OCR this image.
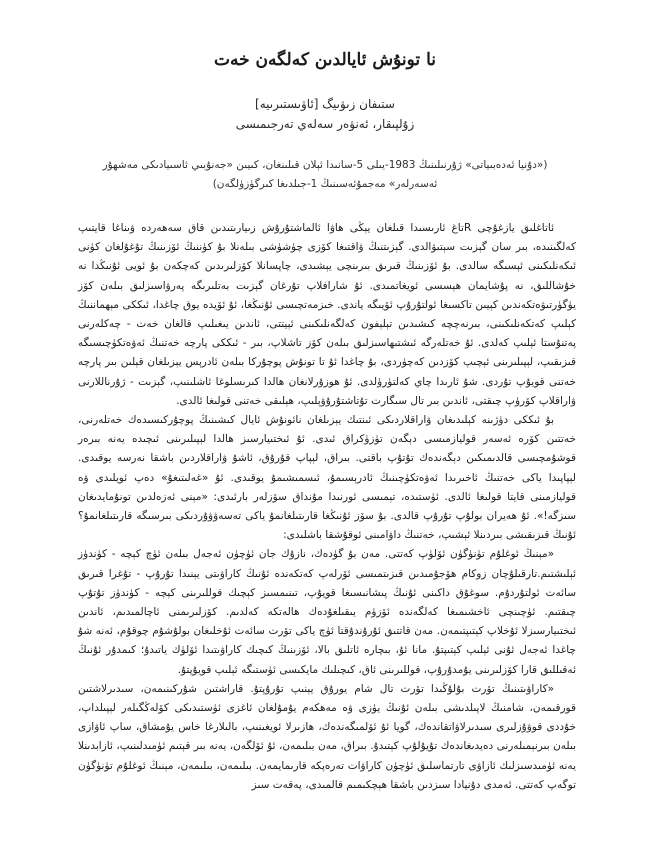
نا تونۇش ئايالدىن كەلگەن خەت
ستىفان زىۋىيگ [ئاۋىستىرىيە]
زۇلپىقار، ئەنۋەر سەلەي تەرجىمىسى
(«دۇنيا ئەدەبىياتى» ژۇرنىلىنىڭ 1983-يىلى 5-سانىدا ئېلان قىلىنغان، كىيىن «جەنۇبىي ئاسىيادىكى مەشھۇر ئەسەرلەر» مەجمۇئەسىنىڭ 1-جىلدىغا كىرگۈزۈلگەن)

ئاتاغلىق يازغۇچى Rتاغ ئارىسىدا قىلغان يېڭى ھاۋا ئالماشتۇرۇش زىيارىتىدىن قاق سەھەردە ۋىناغا قايتىپ كەلگىنىدە، بىر سان گېزىت سېتىۋالدى. گېزىتنىڭ ۋاقتىغا كۆزى چۈشۈشى بىلەنلا بۇ كۈننىڭ ئۆزىنىڭ تۇغۇلغان كۈنى ئىكەنلىكىنى ئېسىگە سالدى. بۇ ئۆزىنىڭ قىرىق بىرىنچى يېشىدى، چاپسانلا كۆزلىرىدىن كەچكەن بۇ ئويى ئۇنىڭدا نە خۇشاللىق، نە پۇشايمان ھېسسى ئويغاتمىدى. ئۇ شارافلاپ تۇرغان گېزىت بەتلىرىگە پەرۋاسىزلىق بىلەن كۆز يۈگۈرتىۋەتكەندىن كېيىن تاكسىغا ئولتۇرۇپ ئۆيىگە ياندى. خىزمەتچىسى ئۇنىڭغا، ئۇ ئۆيدە يوق چاغدا، ئىككى مېھماننىڭ كېلىپ كەتكەنلىكىنى، بىرنەچچە كىشىدىن تېلېفون كەلگەنلىكىنى ئېيتتى، ئاندىن يىغىلىپ قالغان خەت - چەكلەرنى پەتنۇستا ئېلىپ كەلدى. ئۇ خەتلەرگە ئىشتىھاسىزلىق بىلەن كۆز تاشلاپ، بىر - ئىككى پارچە خەتنىڭ ئەۋەتكۈچىسىگە قىزىقىپ، لېپىلىرىنى ئېچىپ كۆزدىن كەچۈردى، بۇ چاغدا ئۇ تا تونۇش پوچۇركا بىلەن ئادرېس يېزىلغان قېلىن بىر پارچە خەتنى قويۇپ تۇردى. شۇ ئارىدا چاي كەلتۈرۈلدى. ئۇ ھوزۇرلانغان ھالدا كىرىسلوغا ئاشلىنىپ، گېزىت - ژۇرناللارنى ۋاراقلاپ كۆرۈپ چىقتى، ئاندىن بىر تال سىگارت تۇتاشتۇرۇۋېلىپ، ھېلىقى خەتنى قولىغا ئالدى.

بۇ ئىككى دۈژىنە كېلىدىغان ۋاراقلاردىكى ئىنتىك يېزىلغان نائونۇش ئايال كىشىنىڭ پوچۇركىسىدەك خەتلەرنى، خەتتىن كۆرە ئەسەر قوليازمىسى دېگەن تۈزۈكراق ئىدى. ئۇ ئىختىيارسىز ھالدا لېپىلىرىنى ئىچىدە يەنە بىرەر قوشۇمچىسى قالدىمىكىن دېگەندەك تۇتۇپ باقتى. بىراق، لېپاپ قۇرۇق، ئاشۇ ۋاراقلاردىن باشقا نەرسە يوقىدى. لېپاپىدا ياكى خەتنىڭ ئاخىرىدا ئەۋەتكۈچىنىڭ ئادرېسىمۇ، ئىسمىشىمۇ يوقىدى. ئۇ «غەلىتىغۇ» دەپ ئويلىدى ۋە قوليازمىنى قايتا قولىغا ئالدى. ئۈستىدە، تېمىسى ئورنىدا مۇنداق سۆزلەر بارئىدى: «مېنى ئەزەلدىن تونۇمايدىغان سىزگە!». ئۇ ھەيران بولۇپ تۇرۇپ قالدى. بۇ سۆز ئۇنىڭغا قارىتىلغانمۇ ياكى تەسەۋۋۇردىكى بىرسىگە قارىتىلغانمۇ؟ ئۇنىڭ قىزىقىشى بىردىنلا ئېشىپ، خەتنىڭ داۋامىنى ئوقۇشقا باشلىدى:

«مېنىڭ ئوغلۇم تۈنۈگۈن ئۆلۈپ كەتتى. مەن بۇ گۈدەك، نازۇك جان ئۈچۈن ئەجەل بىلەن ئۈچ كېچە - كۈندۈز ئېلىشتىم.تارقىلۇچان زوكام ھۆجۇمىدىن قىزىتمىسى ئۆرلەپ كەتكەندە ئۇنىڭ كاراۋىتى يېنىدا تۇرۇپ - تۇغرا قىرىق سائەت ئولتۇردۇم. سوغۇق داكىنى ئۇنىڭ پىشانىسىغا قويۇپ، تىنىمسىز كېچىك قوللىرىنى كېچە - كۈندۈز تۇتۇپ چىقتىم. ئۈچىنچى ئاخشىمىغا كەلگەندە ئۆزۈم يىقىلغۇدەك ھالەتكە كەلدىم. كۆزلىرىمنى ئاچالمىدىم، ئاندىن ئىختىيارسىزلا ئۇخلاپ كېتىپتىمەن. مەن قاتتىق ئۇرۇندۇقتا ئۈچ ياكى تۆرت سائەت ئۇخلىغان بولۇشۇم چوقۇم، ئەنە شۇ چاغدا ئەجەل ئۇنى ئېلىپ كېتىپتۇ. مانا ئۇ، بىچارە ئاتلىق بالا، ئۆزىنىڭ كىچىك كاراۋىتىدا ئۆلۈك ياتىدۇ؛ كىمدۇر ئۇنىڭ ئەقىللىق قارا كۆزلىرىنى يۇمدۇرۇپ، قوللىرىنى ئاق، كىچىلىك مايكىسى ئۈستىگە ئېلىپ قويۇپتۇ.

«كاراۋىتىنىڭ تۆرت بۇلۇڭىدا تۆرت تال شام يورۇق يېنىپ تۇرۇپتۇ. قاراشتىن شۇركىنىمەن، سىدىرلاشتىن قورقىمەن، شامنىڭ لاپىلدىشى بىلەن ئۇنىڭ يۈزى ۋە مەھكەم يۇمۇلغان ئاغزى ئۈستىدىكى كۆلەڭگىلەر لېپىلداپ، خۇددى قوۋۇزلىرى سىدىرلاۋاتقاندەك، گويا ئۇ ئۆلمىگەندەك، ھازىرلا ئويغىنىپ، بالىلارغا خاس يۇمشاق، ساپ ئاۋازى بىلەن بىرنېمىلەرنى دەيدىغاندەك تۇيۇلۇپ كېتىدۇ. بىراق، مەن بىلىمەن، ئۇ ئۆلگەن، يەنە بىر قېتىم ئۈمىدلىنىپ، ئازابدىنلا يەنە ئۈمىدسىزلىك ئازاۋى تارتماسلىق ئۈچۈن كاراۋات تەرەپكە قارىمايمەن. بىلىمەن، بىلىمەن، مېنىڭ ئوغلۇم تۈنۈگۈن توگەپ كەتتى. ئەمدى دۇنيادا سىزدىن باشقا ھېچكىمىم قالمىدى، پەقەت سىز
